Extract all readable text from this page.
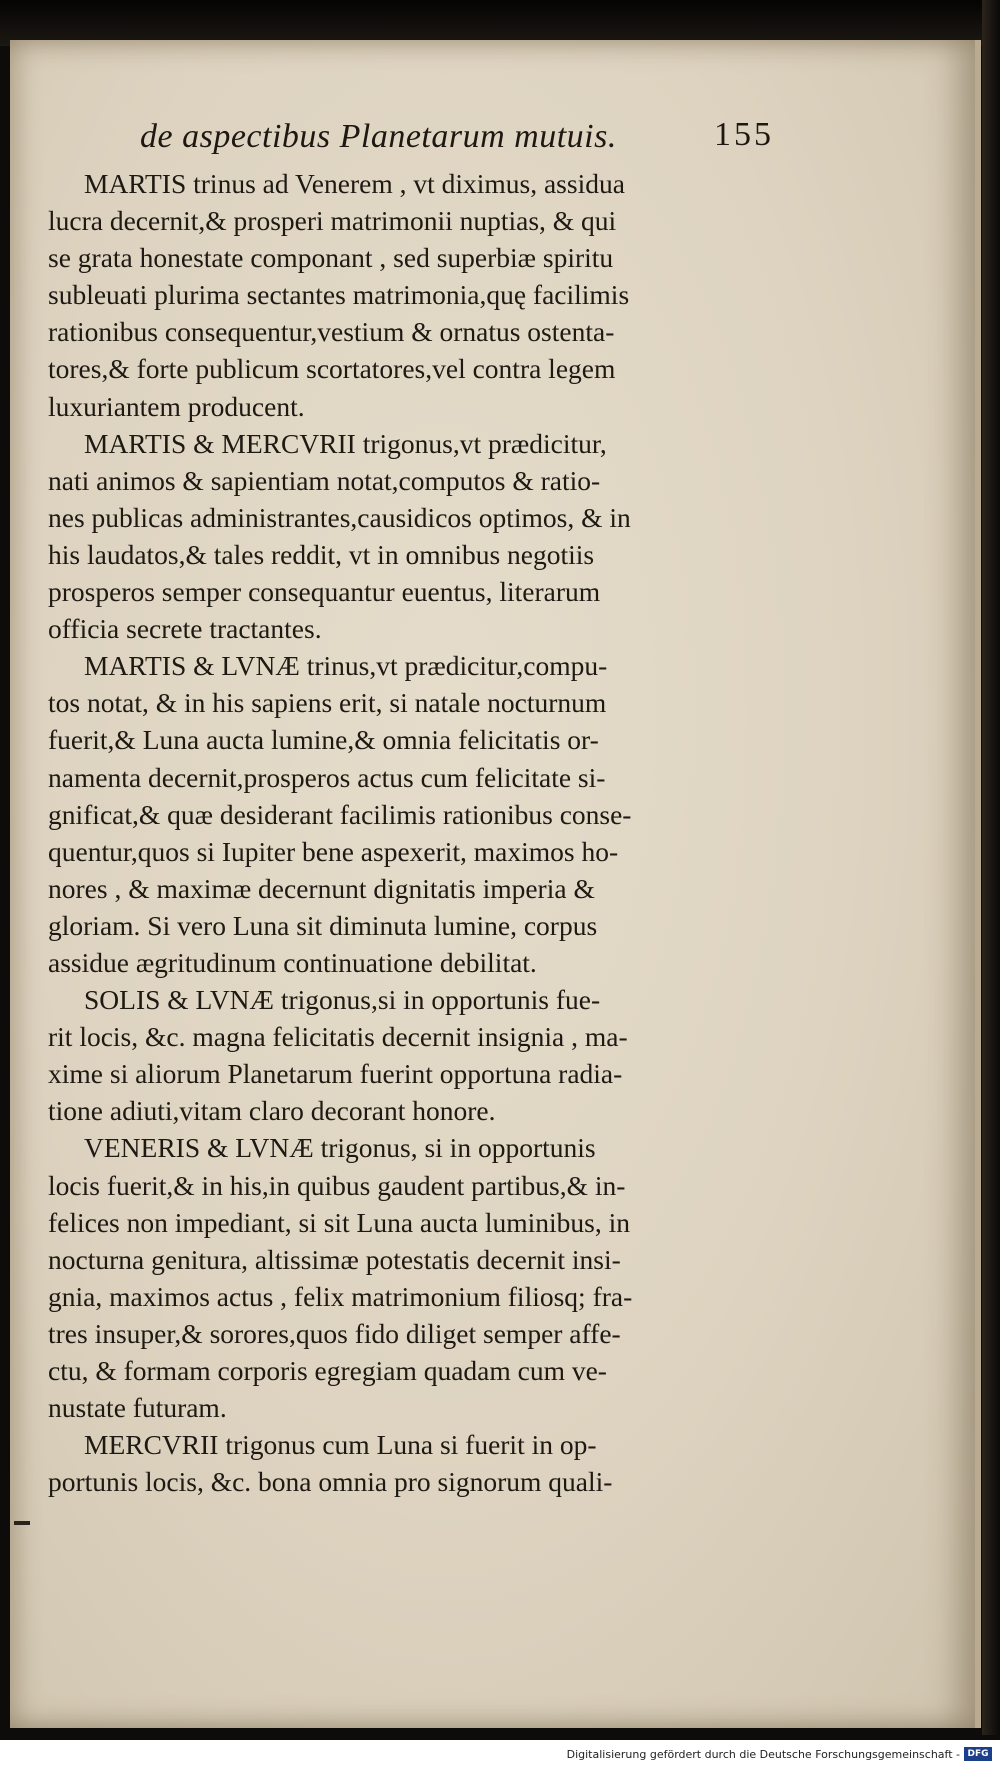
de aspectibus Planetarum mutuis.	155
MARTIS trinus ad Venerem , vt diximus, assidua
lucra decernit,& prosperi matrimonii nuptias, & qui
se grata honestate componant , sed superbiæ spiritu
subleuati plurima sectantes matrimonia,quę facilimis
rationibus consequentur,vestium & ornatus ostenta-
tores,& forte publicum scortatores,vel contra legem
luxuriantem producent.
MARTIS & MERCVRII trigonus,vt prædicitur,
nati animos & sapientiam notat,computos & ratio-
nes publicas administrantes,causidicos optimos, & in
his laudatos,& tales reddit, vt in omnibus negotiis
prosperos semper consequantur euentus, literarum
officia secrete tractantes.
MARTIS & LVNÆ trinus,vt prædicitur,compu-
tos notat, & in his sapiens erit, si natale nocturnum
fuerit,& Luna aucta lumine,& omnia felicitatis or-
namenta decernit,prosperos actus cum felicitate si-
gnificat,& quæ desiderant facilimis rationibus conse-
quentur,quos si Iupiter bene aspexerit, maximos ho-
nores , & maximæ decernunt dignitatis imperia &
gloriam. Si vero Luna sit diminuta lumine, corpus
assidue ægritudinum continuatione debilitat.
SOLIS & LVNÆ trigonus,si in opportunis fue-
rit locis, &c. magna felicitatis decernit insignia , ma-
xime si aliorum Planetarum fuerint opportuna radia-
tione adiuti,vitam claro decorant honore.
VENERIS & LVNÆ trigonus, si in opportunis
locis fuerit,& in his,in quibus gaudent partibus,& in-
felices non impediant, si sit Luna aucta luminibus, in
nocturna genitura, altissimæ potestatis decernit insi-
gnia, maximos actus , felix matrimonium filiosq; fra-
tres insuper,& sorores,quos fido diliget semper affe-
ctu, & formam corporis egregiam quadam cum ve-
nustate futuram.
MERCVRII trigonus cum Luna si fuerit in op-
portunis locis, &c. bona omnia pro signorum quali-
Digitalisierung gefördert durch die Deutsche Forschungsgemeinschaft - DFG
